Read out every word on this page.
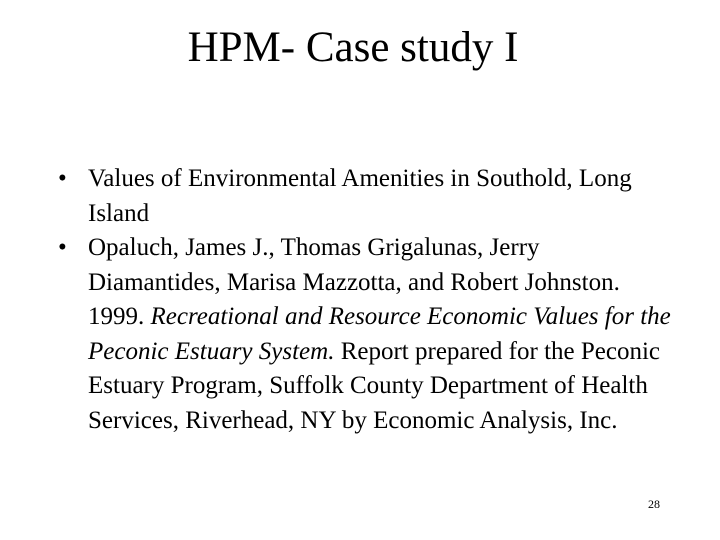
HPM- Case study I
• Values of Environmental Amenities in Southold, Long Island
• Opaluch, James J., Thomas Grigalunas, Jerry Diamantides, Marisa Mazzotta, and Robert Johnston. 1999. Recreational and Resource Economic Values for the Peconic Estuary System. Report prepared for the Peconic Estuary Program, Suffolk County Department of Health Services, Riverhead, NY by Economic Analysis, Inc.
28
